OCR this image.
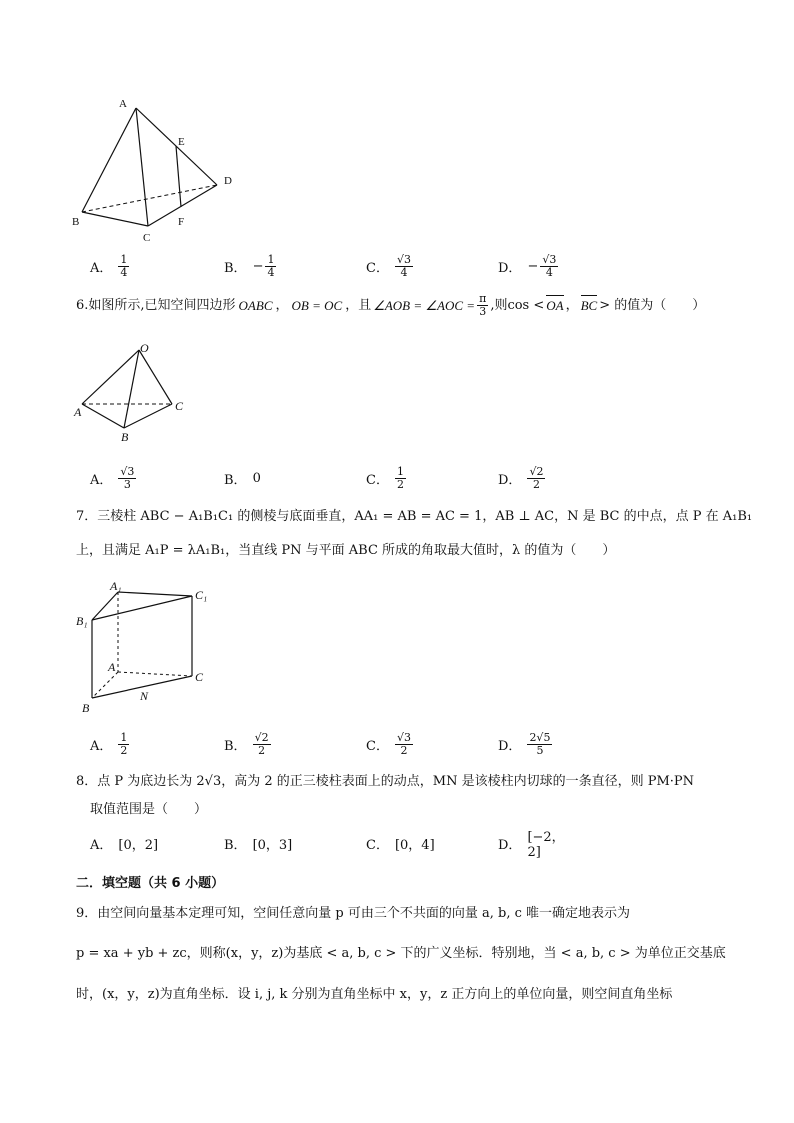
A
B
C
D
E
F
A． $\frac{1}{4}$	B． − $\frac{1}{4}$	C． $\frac{√3}{4}$	D． − $\frac{√3}{4}$
6.如图所示,已知空间四边形 OABC ， OB = OC ，且 ∠AOB = ∠AOC = $\frac{\pi}{3}$ ,则cos < OA ， BC > 的值为（　　）
O
A
B
C
A． $\frac{√3}{3}$	B． 0	C． $\frac{1}{2}$	D． $\frac{√2}{2}$
7．三棱柱 ABC − A₁B₁C₁ 的侧棱与底面垂直，AA₁ = AB = AC = 1，AB ⊥ AC，N 是 BC 的中点，点 P 在 A₁B₁
上，且满足 A₁P = λA₁B₁，当直线 PN 与平面 ABC 所成的角取最大值时，λ 的值为（　　）
A₁
C₁
B₁
A
C
N
B
A． $\frac{1}{2}$	B． $\frac{√2}{2}$	C． $\frac{√3}{2}$	D． $\frac{2√5}{5}$
8．点 P 为底边长为 2√3，高为 2 的正三棱柱表面上的动点，MN 是该棱柱内切球的一条直径，则 PM·PN
取值范围是（　　）
A． [0，2]	B． [0，3]	C． [0，4]	D． [−2，2]
二．填空题（共 6 小题）
9．由空间向量基本定理可知，空间任意向量 p 可由三个不共面的向量 a, b, c 唯一确定地表示为
p = xa + yb + zc，则称(x，y，z)为基底 < a, b, c > 下的广义坐标．特别地，当 < a, b, c > 为单位正交基底
时，(x，y，z)为直角坐标．设 i, j, k 分别为直角坐标中 x，y，z 正方向上的单位向量，则空间直角坐标
